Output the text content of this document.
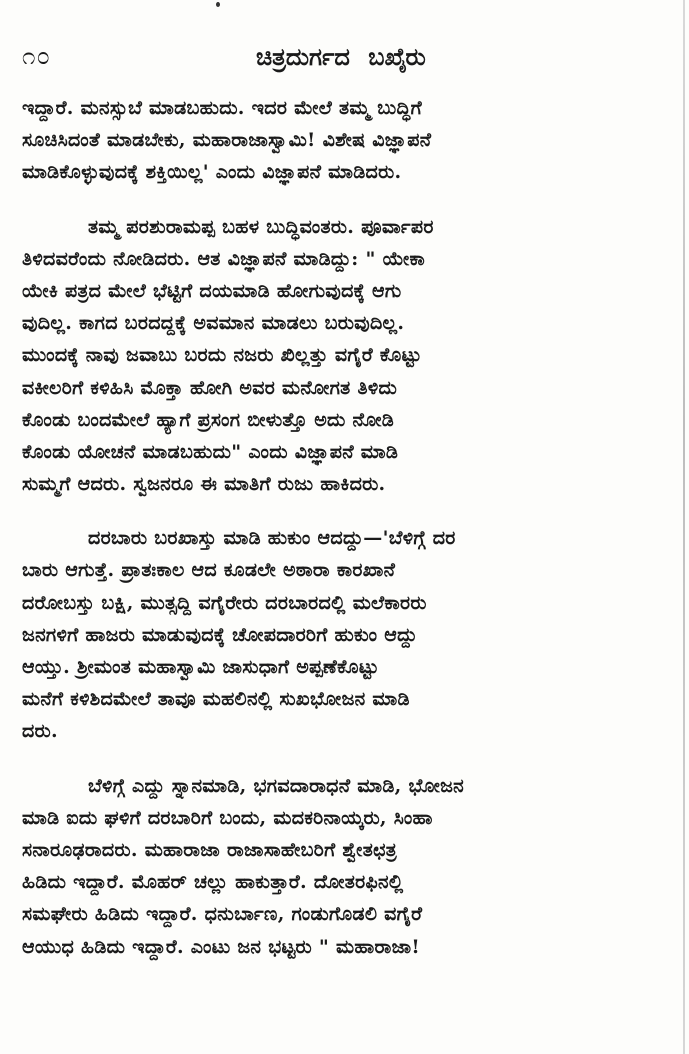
೧೦	ಚಿತ್ರದುರ್ಗದ ಬಖೈರು
ಇದ್ದಾರೆ. ಮನಸ್ಸುಬೆ ಮಾಡಬಹುದು. ಇದರ ಮೇಲೆ ತಮ್ಮ ಬುದ್ಧಿಗೆ
ಸೂಚಿಸಿದಂತೆ ಮಾಡಬೇಕು, ಮಹಾರಾಜಾಸ್ವಾಮಿ! ವಿಶೇಷ ವಿಜ್ಞಾಪನೆ
ಮಾಡಿಕೊಳ್ಳುವುದಕ್ಕೆ ಶಕ್ತಿಯಿಲ್ಲ' ಎಂದು ವಿಜ್ಞಾಪನೆ ಮಾಡಿದರು.
ತಮ್ಮ ಪರಶುರಾಮಪ್ಪ ಬಹಳ ಬುದ್ಧಿವಂತರು. ಪೂರ್ವಾಪರ
ತಿಳಿದವರೆಂದು ನೋಡಿದರು. ಆತ ವಿಜ್ಞಾಪನೆ ಮಾಡಿದ್ದು: " ಯೇಕಾ
ಯೇಕಿ ಪತ್ರದ ಮೇಲೆ ಭೆಟ್ಟಿಗೆ ದಯಮಾಡಿ ಹೋಗುವುದಕ್ಕೆ ಆಗು
ವುದಿಲ್ಲ. ಕಾಗದ ಬರದದ್ದಕ್ಕೆ ಅವಮಾನ ಮಾಡಲು ಬರುವುದಿಲ್ಲ.
ಮುಂದಕ್ಕೆ ನಾವು ಜವಾಬು ಬರದು ನಜರು ಖಿಲ್ಲತ್ತು ವಗೈರೆ ಕೊಟ್ಟು
ವಕೀಲರಿಗೆ ಕಳಿಹಿಸಿ ಮೊಕ್ತಾ ಹೋಗಿ ಅವರ ಮನೋಗತ ತಿಳಿದು
ಕೊಂಡು ಬಂದಮೇಲೆ ಹ್ಯಾಗೆ ಪ್ರಸಂಗ ಬೀಳುತ್ತೊ ಅದು ನೋಡಿ
ಕೊಂಡು ಯೋಚನೆ ಮಾಡಬಹುದು" ಎಂದು ವಿಜ್ಞಾಪನೆ ಮಾಡಿ
ಸುಮ್ಮಗೆ ಆದರು. ಸ್ವಜನರೂ ಈ ಮಾತಿಗೆ ರುಜು ಹಾಕಿದರು.
ದರಬಾರು ಬರಖಾಸ್ತು ಮಾಡಿ ಹುಕುಂ ಆದದ್ದು—'ಬೆಳಿಗ್ಗೆ ದರ
ಬಾರು ಆಗುತ್ತೆ. ಪ್ರಾತಃಕಾಲ ಆದ ಕೂಡಲೇ ಅಠಾರಾ ಕಾರಖಾನೆ
ದರೋಬಸ್ತು ಬಕ್ಷಿ, ಮುತ್ಸದ್ದಿ ವಗೈರೇರು ದರಬಾರದಲ್ಲಿ ಮಲೆಕಾರರು
ಜನಗಳಿಗೆ ಹಾಜರು ಮಾಡುವುದಕ್ಕೆ ಚೋಪದಾರರಿಗೆ ಹುಕುಂ ಆದ್ದು
ಆಯ್ತು. ಶ್ರೀಮಂತ ಮಹಾಸ್ವಾಮಿ ಜಾಸುಧಾಗೆ ಅಪ್ಪಣೆಕೊಟ್ಟು
ಮನೆಗೆ ಕಳಿಶಿದಮೇಲೆ ತಾವೂ ಮಹಲಿನಲ್ಲಿ ಸುಖಭೋಜನ ಮಾಡಿ
ದರು.
ಬೆಳಿಗ್ಗೆ ಎದ್ದು ಸ್ನಾನಮಾಡಿ, ಭಗವದಾರಾಧನೆ ಮಾಡಿ, ಭೋಜನ
ಮಾಡಿ ಐದು ಘಳಿಗೆ ದರಬಾರಿಗೆ ಬಂದು, ಮದಕರಿನಾಯ್ಕರು, ಸಿಂಹಾ
ಸನಾರೂಢರಾದರು. ಮಹಾರಾಜಾ ರಾಜಾಸಾಹೇಬರಿಗೆ ಶ್ವೇತಛತ್ರ
ಹಿಡಿದು ಇದ್ದಾರೆ. ಮೊಹರ್ ಚಲ್ಲು ಹಾಕುತ್ತಾರೆ. ದೋತರಫಿನಲ್ಲಿ
ಸಮಘೇರು ಹಿಡಿದು ಇದ್ದಾರೆ. ಧನುರ್ಬಾಣ, ಗಂಡುಗೊಡಲಿ ವಗೈರೆ
ಆಯುಧ ಹಿಡಿದು ಇದ್ದಾರೆ. ಎಂಟು ಜನ ಭಟ್ಟರು " ಮಹಾರಾಜಾ!
